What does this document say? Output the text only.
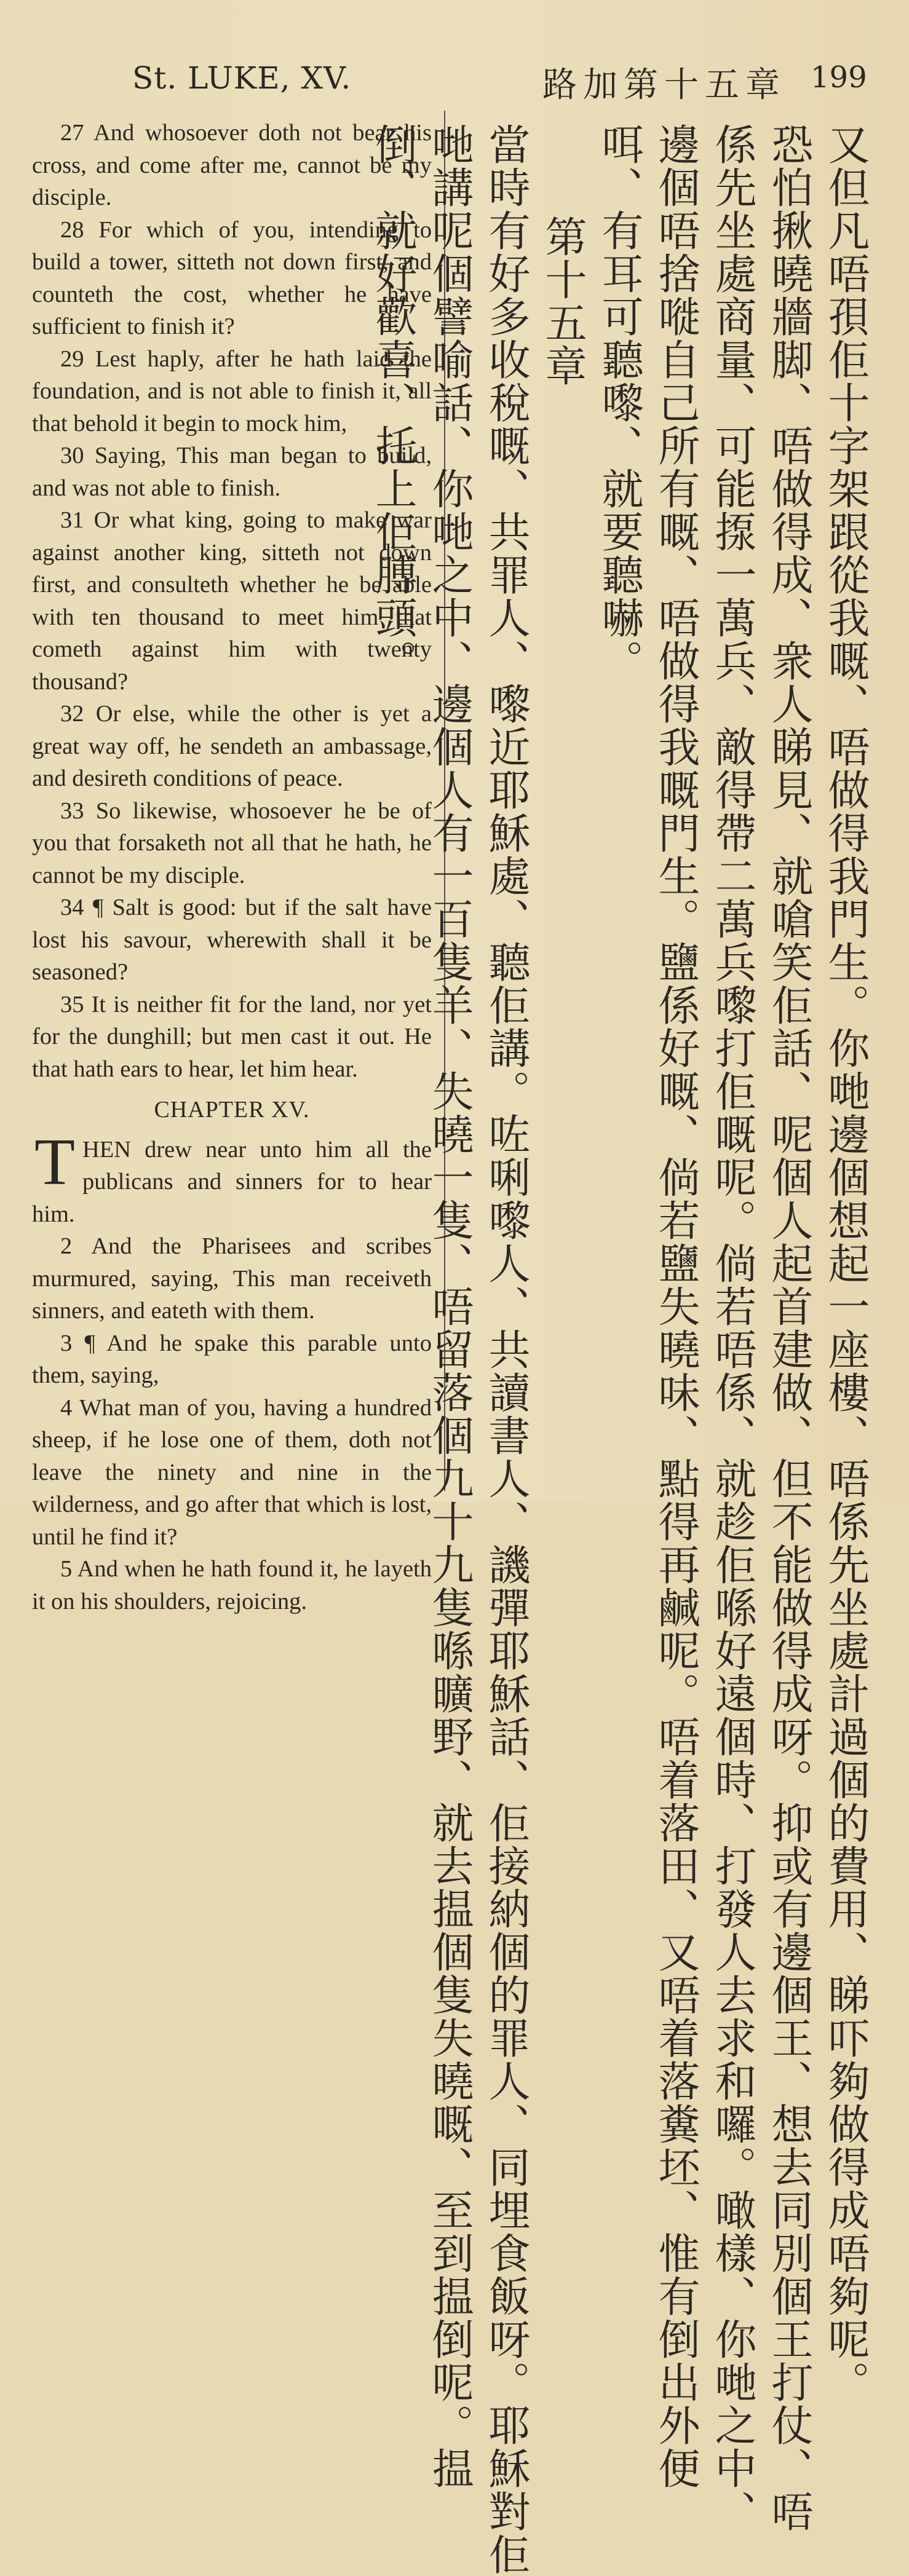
St. LUKE, XV.	路加第十五章 199

27 And whosoever doth not bear his cross, and come after me, cannot be my disciple.

28 For which of you, intending to build a tower, sitteth not down first, and counteth the cost, whether he have sufficient to finish it?

29 Lest haply, after he hath laid the foundation, and is not able to finish it, all that behold it begin to mock him,

30 Saying, This man began to build, and was not able to finish.

31 Or what king, going to make war against another king, sitteth not down first, and consulteth whether he be able with ten thousand to meet him that cometh against him with twenty thousand?

32 Or else, while the other is yet a great way off, he sendeth an ambassage, and desireth conditions of peace.

33 So likewise, whosoever he be of you that forsaketh not all that he hath, he cannot be my disciple.

34 ¶ Salt is good: but if the salt have lost his savour, wherewith shall it be seasoned?

35 It is neither fit for the land, nor yet for the dunghill; but men cast it out. He that hath ears to hear, let him hear.

CHAPTER XV.

THEN drew near unto him all the publicans and sinners for to hear him.

2 And the Pharisees and scribes murmured, saying, This man receiveth sinners, and eateth with them.

3 ¶ And he spake this parable unto them, saying,

4 What man of you, having a hundred sheep, if he lose one of them, doth not leave the ninety and nine in the wilderness, and go after that which is lost, until he find it?

5 And when he hath found it, he layeth it on his shoulders, rejoicing.	又但凡唔孭佢十字架跟從我嘅、唔做得我門生。你哋邊個想起一座樓、唔係先坐處計過個的費用、睇吓夠做得成唔夠呢。
恐怕揪曉牆脚、唔做得成、衆人睇見、就嗆笑佢話、呢個人起首建做、但不能做得成呀。抑或有邊個王、想去同別個王打仗、唔
係先坐處商量、可能揼一萬兵、敵得帶二萬兵嚟打佢嘅呢。倘若唔係、就趁佢喺好遠個時、打發人去求和囉。噉樣、你哋之中、
邊個唔捨嘥自己所有嘅、唔做得我嘅門生。鹽係好嘅、倘若鹽失曉味、點得再鹹呢。唔着落田、又唔着落糞坯、惟有倒出外便
咡、有耳可聽嚟、就要聽嚇。
第十五章
當時有好多收稅嘅、共罪人、嚟近耶穌處、聽佢講。咗唎嚟人、共讀書人、譏彈耶穌話、佢接納個的罪人、同埋食飯呀。耶穌對佢
哋講呢個譬喻話、你哋之中、邊個人有一百隻羊、失曉一隻、唔留落個九十九隻喺曠野、就去揾個隻失曉嘅、至到揾倒呢。揾
倒、就好歡喜、托上佢膊頭。
